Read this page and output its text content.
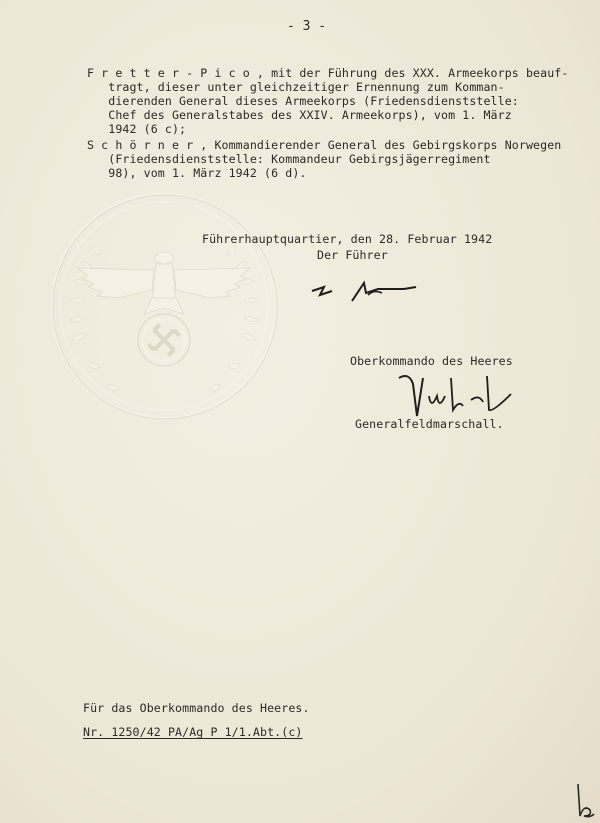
- 3 -
F r e t t e r - P i c o , mit der Führung des XXX. Armeekorps beauf-
tragt, dieser unter gleichzeitiger Ernennung zum Komman-
dierenden General dieses Armeekorps (Friedensdienststelle:
Chef des Generalstabes des XXIV. Armeekorps), vom 1. März
1942 (6 c);
S c h ö r n e r , Kommandierender General des Gebirgskorps Norwegen
(Friedensdienststelle: Kommandeur Gebirgsjägerregiment
98), vom 1. März 1942 (6 d).
Führerhauptquartier, den 28. Februar 1942
Der Führer
Oberkommando des Heeres
Generalfeldmarschall.
Für das Oberkommando des Heeres.
Nr. 1250/42 PA/Ag P 1/1.Abt.(c)
